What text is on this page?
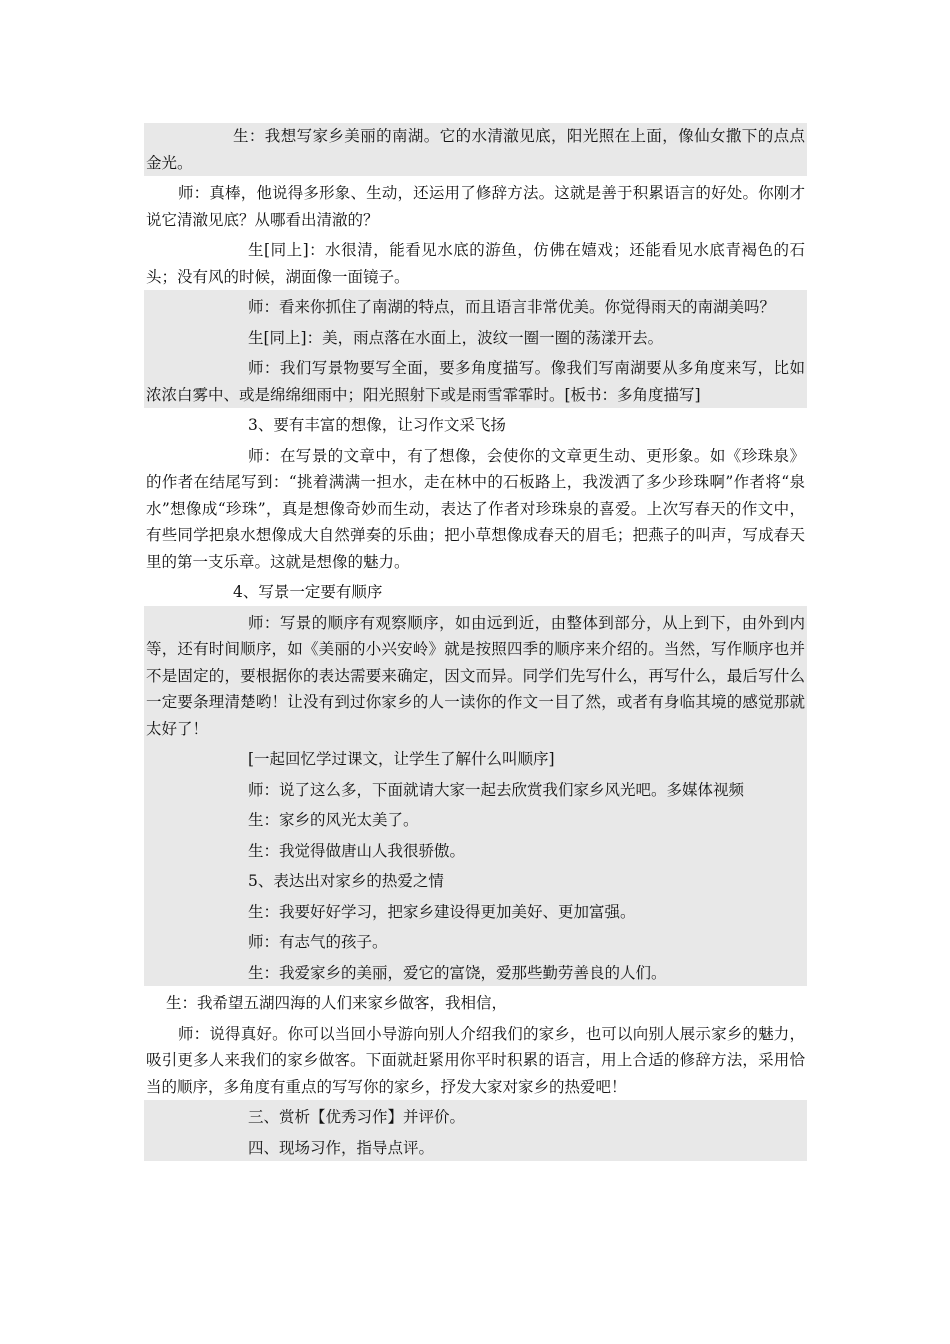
生：我想写家乡美丽的南湖。它的水清澈见底，阳光照在上面，像仙女撒下的点点金光。

师：真棒，他说得多形象、生动，还运用了修辞方法。这就是善于积累语言的好处。你刚才说它清澈见底？从哪看出清澈的？

生[同上]：水很清，能看见水底的游鱼，仿佛在嬉戏；还能看见水底青褐色的石头；没有风的时候，湖面像一面镜子。

师：看来你抓住了南湖的特点，而且语言非常优美。你觉得雨天的南湖美吗？

生[同上]：美，雨点落在水面上，波纹一圈一圈的荡漾开去。

师：我们写景物要写全面，要多角度描写。像我们写南湖要从多角度来写，比如浓浓白雾中、或是绵绵细雨中；阳光照射下或是雨雪霏霏时。[板书：多角度描写]

3、要有丰富的想像，让习作文采飞扬

师：在写景的文章中，有了想像，会使你的文章更生动、更形象。如《珍珠泉》的作者在结尾写到：“挑着满满一担水，走在林中的石板路上，我泼洒了多少珍珠啊”作者将“泉水”想像成“珍珠”，真是想像奇妙而生动，表达了作者对珍珠泉的喜爱。上次写春天的作文中，有些同学把泉水想像成大自然弹奏的乐曲；把小草想像成春天的眉毛；把燕子的叫声，写成春天里的第一支乐章。这就是想像的魅力。

4、写景一定要有顺序

师：写景的顺序有观察顺序，如由远到近，由整体到部分，从上到下，由外到内等，还有时间顺序，如《美丽的小兴安岭》就是按照四季的顺序来介绍的。当然，写作顺序也并不是固定的，要根据你的表达需要来确定，因文而异。同学们先写什么，再写什么，最后写什么一定要条理清楚哟！让没有到过你家乡的人一读你的作文一目了然，或者有身临其境的感觉那就太好了！

[一起回忆学过课文，让学生了解什么叫顺序]

师：说了这么多，下面就请大家一起去欣赏我们家乡风光吧。多媒体视频

生：家乡的风光太美了。

生：我觉得做唐山人我很骄傲。

5、表达出对家乡的热爱之情

生：我要好好学习，把家乡建设得更加美好、更加富强。

师：有志气的孩子。

生：我爱家乡的美丽，爱它的富饶，爱那些勤劳善良的人们。

生：我希望五湖四海的人们来家乡做客，我相信，

师：说得真好。你可以当回小导游向别人介绍我们的家乡，也可以向别人展示家乡的魅力，吸引更多人来我们的家乡做客。下面就赶紧用你平时积累的语言，用上合适的修辞方法，采用恰当的顺序，多角度有重点的写写你的家乡，抒发大家对家乡的热爱吧！

三、赏析【优秀习作】并评价。

四、现场习作，指导点评。
